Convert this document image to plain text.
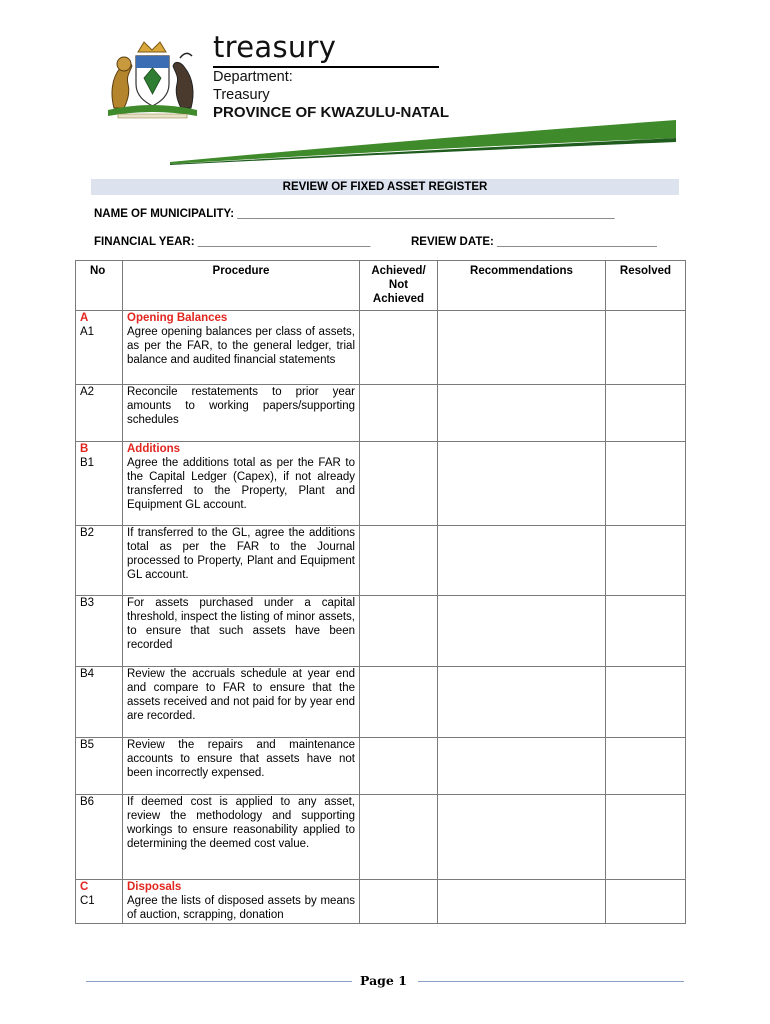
treasury
Department:
Treasury
PROVINCE OF KWAZULU-NATAL
REVIEW OF FIXED ASSET REGISTER
NAME OF MUNICIPALITY: ___________________________________________________________
FINANCIAL YEAR: ___________________________	REVIEW DATE: _________________________
No	Procedure	Achieved/
Not
Achieved	Recommendations	Resolved

A
A1	Opening Balances
Agree opening balances per class of assets, as per the FAR, to the general ledger, trial balance and audited financial statements			
A2	Reconcile restatements to prior year amounts to working papers/supporting schedules			

B
B1	Additions
Agree the additions total as per the FAR to the Capital Ledger (Capex), if not already transferred to the Property, Plant and Equipment GL account.			
B2	If transferred to the GL, agree the additions total as per the FAR to the Journal processed to Property, Plant and Equipment GL account.			
B3	For assets purchased under a capital threshold, inspect the listing of minor assets, to ensure that such assets have been recorded			
B4	Review the accruals schedule at year end and compare to FAR to ensure that the assets received and not paid for by year end are recorded.			
B5	Review the repairs and maintenance accounts to ensure that assets have not been incorrectly expensed.			
B6	If deemed cost is applied to any asset, review the methodology and supporting workings to ensure reasonability applied to determining the deemed cost value.			

C
C1	Disposals
Agree the lists of disposed assets by means of auction, scrapping, donation			
Page 1
